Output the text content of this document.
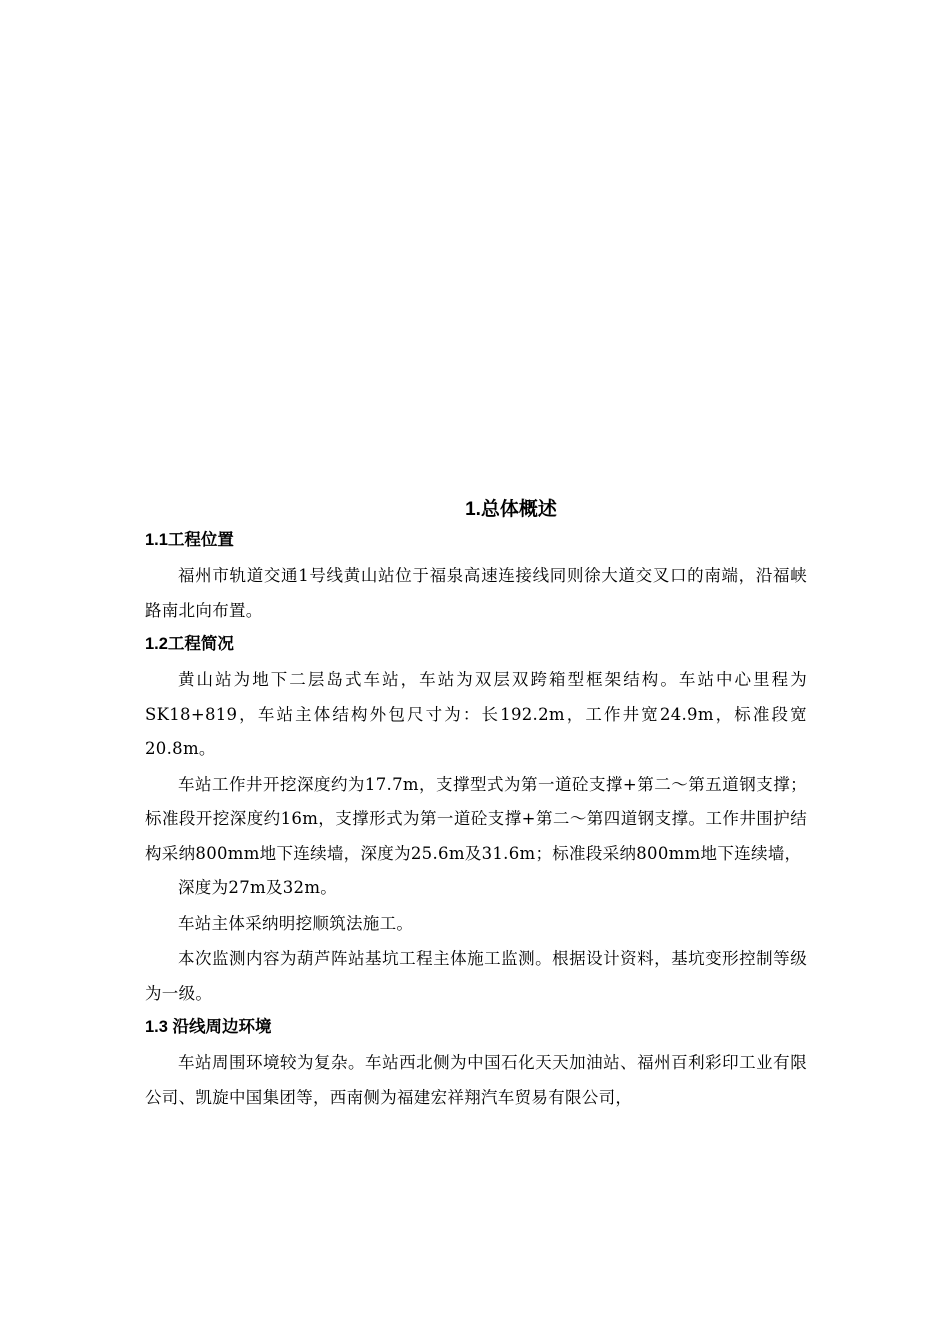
1.总体概述
1.1工程位置

福州市轨道交通1号线黄山站位于福泉高速连接线同则徐大道交叉口的南端，沿福峡路南北向布置。

1.2工程简况

黄山站为地下二层岛式车站，车站为双层双跨箱型框架结构。车站中心里程为SK18+819，车站主体结构外包尺寸为：长192.2m，工作井宽24.9m，标准段宽20.8m。

车站工作井开挖深度约为17.7m，支撑型式为第一道砼支撑+第二～第五道钢支撑；标准段开挖深度约16m，支撑形式为第一道砼支撑+第二～第四道钢支撑。工作井围护结构采纳800mm地下连续墙，深度为25.6m及31.6m；标准段采纳800mm地下连续墙，

深度为27m及32m。

车站主体采纳明挖顺筑法施工。

本次监测内容为葫芦阵站基坑工程主体施工监测。根据设计资料，基坑变形控制等级为一级。

1.3 沿线周边环境

车站周围环境较为复杂。车站西北侧为中国石化天天加油站、福州百利彩印工业有限公司、凯旋中国集团等，西南侧为福建宏祥翔汽车贸易有限公司，
